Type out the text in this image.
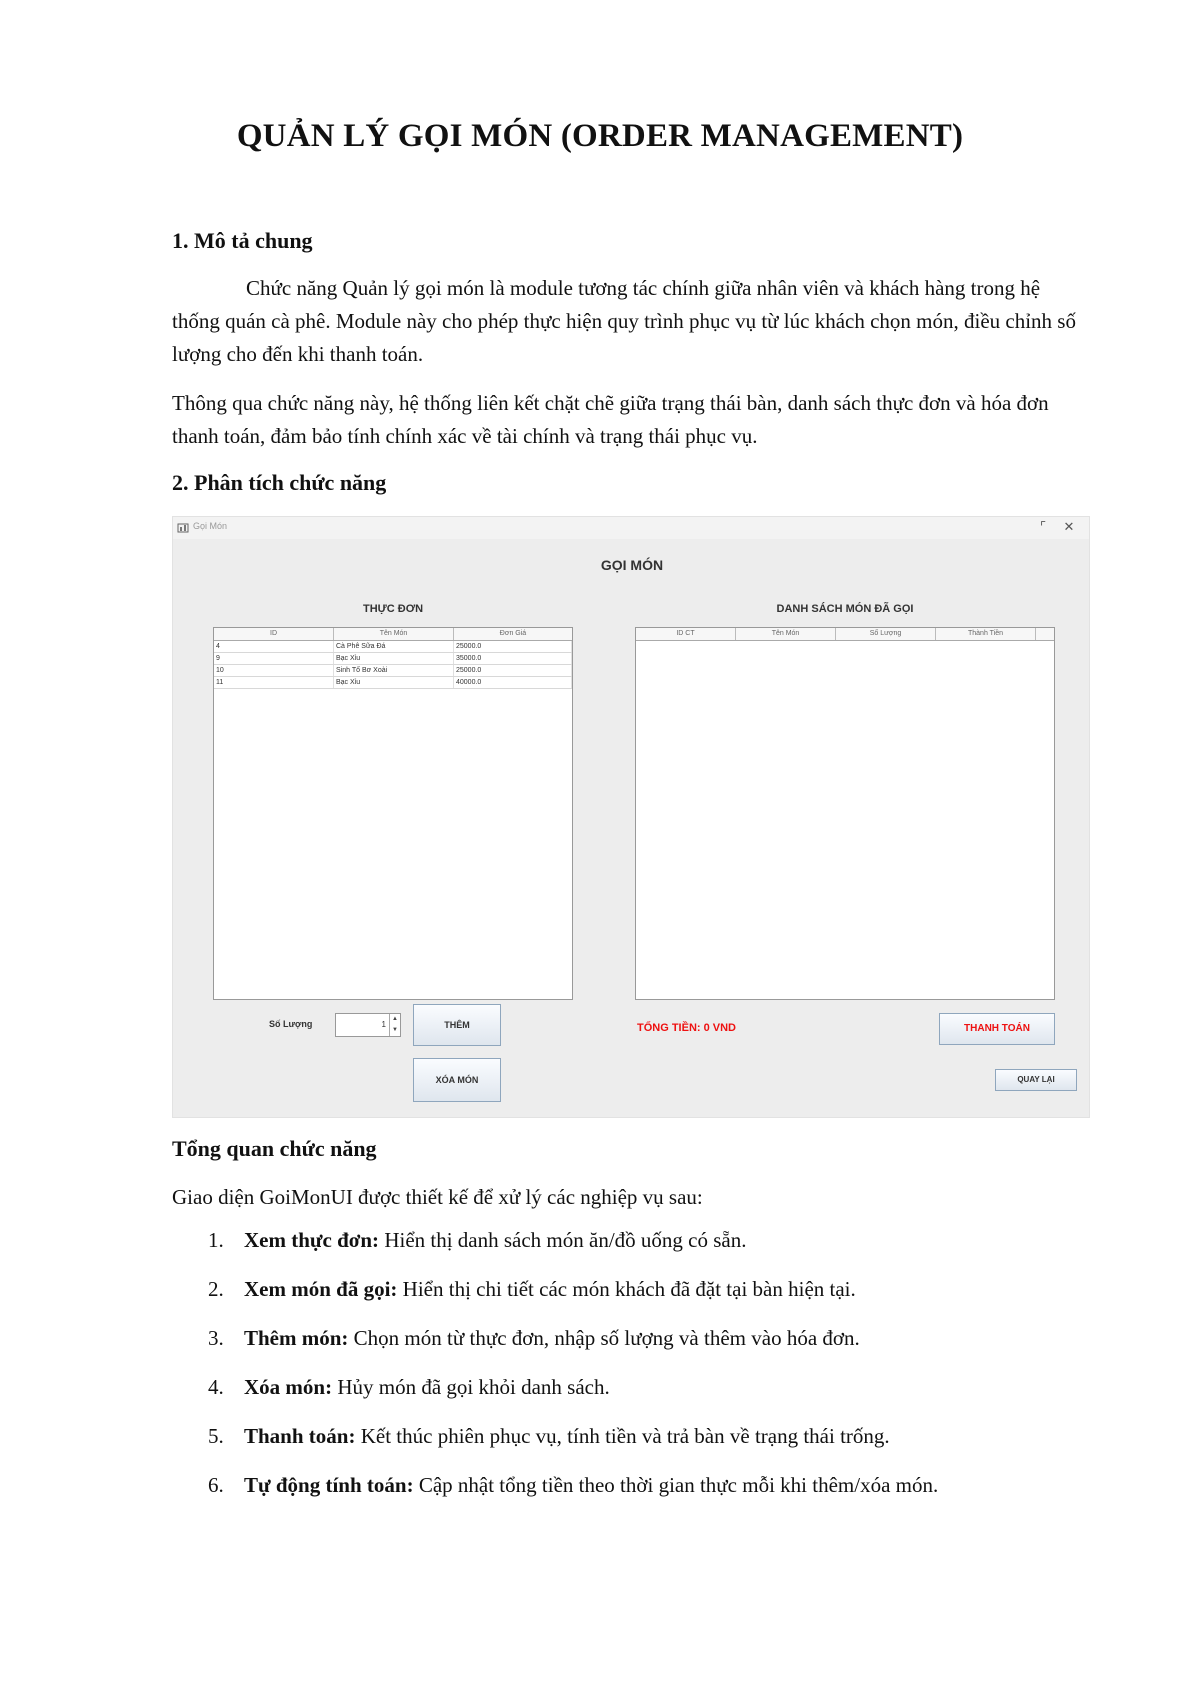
QUẢN LÝ GỌI MÓN (ORDER MANAGEMENT)
1. Mô tả chung
Chức năng Quản lý gọi món là module tương tác chính giữa nhân viên và khách hàng trong hệ thống quán cà phê. Module này cho phép thực hiện quy trình phục vụ từ lúc khách chọn món, điều chỉnh số lượng cho đến khi thanh toán.
Thông qua chức năng này, hệ thống liên kết chặt chẽ giữa trạng thái bàn, danh sách thực đơn và hóa đơn thanh toán, đảm bảo tính chính xác về tài chính và trạng thái phục vụ.
2. Phân tích chức năng
Gọi Món	⌜	✕
GỌI MÓN
THỰC ĐƠN
ID	Tên Món	Đơn Giá
4	Cà Phê Sữa Đá	25000.0
9	Bạc Xỉu	35000.0
10	Sinh Tố Bơ Xoài	25000.0
11	Bạc Xỉu	40000.0
DANH SÁCH MÓN ĐÃ GỌI
ID CT	Tên Món	Số Lượng	Thành Tiền
Số Lượng	1
▲
▼	THÊM
XÓA MÓN
TỔNG TIỀN: 0 VND	THANH TOÁN
QUAY LẠI
Tổng quan chức năng
Giao diện GoiMonUI được thiết kế để xử lý các nghiệp vụ sau:
1. Xem thực đơn: Hiển thị danh sách món ăn/đồ uống có sẵn.
2. Xem món đã gọi: Hiển thị chi tiết các món khách đã đặt tại bàn hiện tại.
3. Thêm món: Chọn món từ thực đơn, nhập số lượng và thêm vào hóa đơn.
4. Xóa món: Hủy món đã gọi khỏi danh sách.
5. Thanh toán: Kết thúc phiên phục vụ, tính tiền và trả bàn về trạng thái trống.
6. Tự động tính toán: Cập nhật tổng tiền theo thời gian thực mỗi khi thêm/xóa món.
